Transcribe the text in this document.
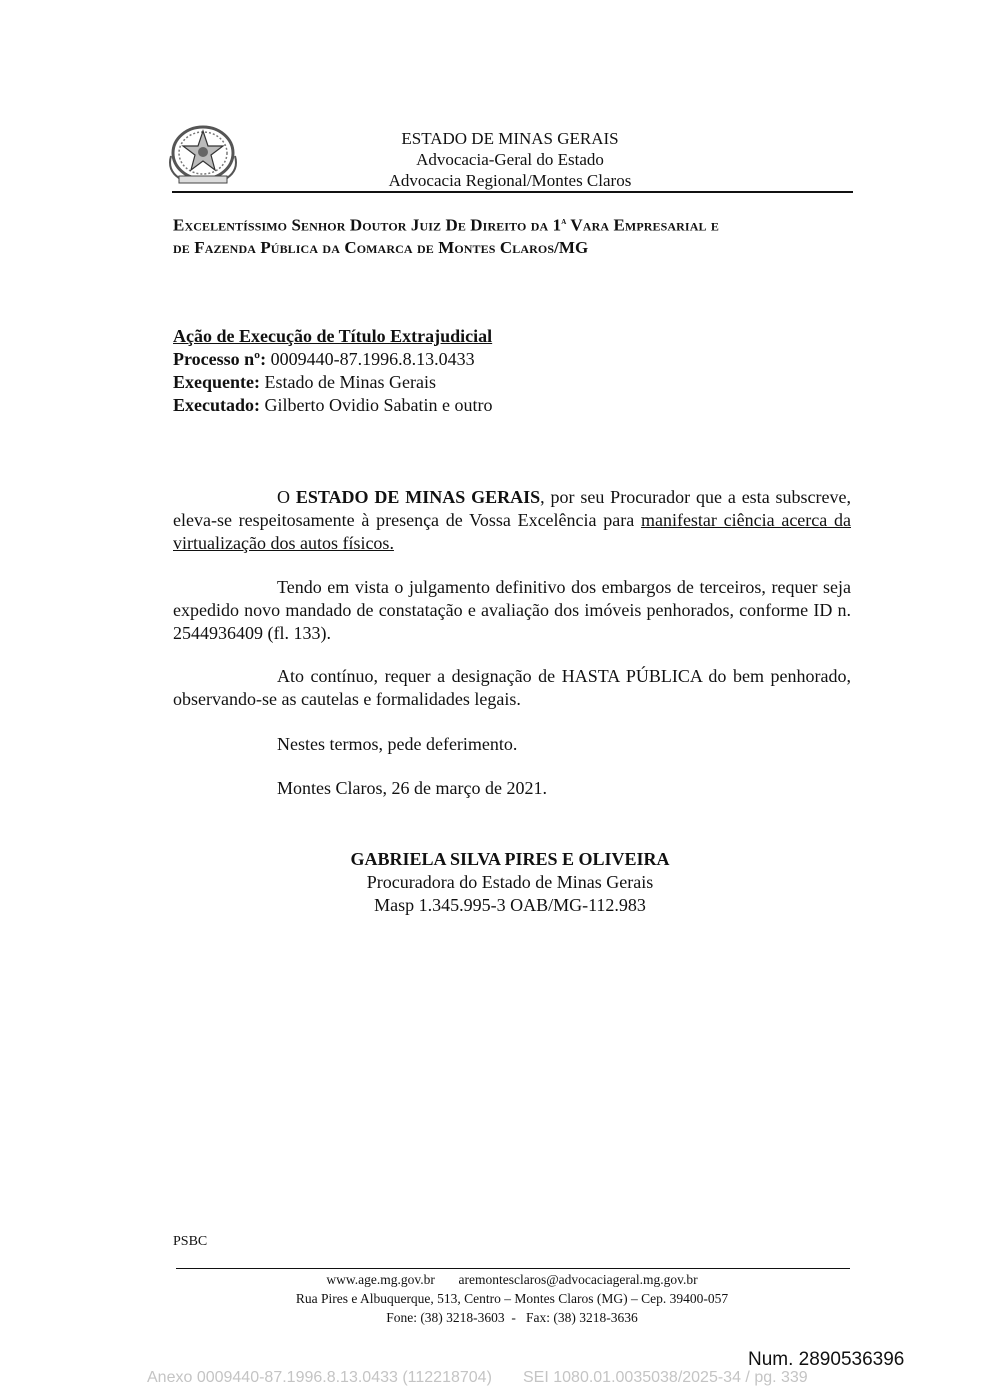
ESTADO DE MINAS GERAIS
Advocacia-Geral do Estado
Advocacia Regional/Montes Claros
Excelentíssimo Senhor Doutor Juiz De Direito da 1$^a$ Vara Empresarial e
de Fazenda Pública da Comarca de Montes Claros/MG
Ação de Execução de Título Extrajudicial
Processo nº: 0009440-87.1996.8.13.0433
Exequente: Estado de Minas Gerais
Executado: Gilberto Ovidio Sabatin e outro
O ESTADO DE MINAS GERAIS, por seu Procurador que a esta subscreve, eleva-se respeitosamente à presença de Vossa Excelência para manifestar ciência acerca da virtualização dos autos físicos.
Tendo em vista o julgamento definitivo dos embargos de terceiros, requer seja expedido novo mandado de constatação e avaliação dos imóveis penhorados, conforme ID n. 2544936409 (fl. 133).
Ato contínuo, requer a designação de HASTA PÚBLICA do bem penhorado, observando-se as cautelas e formalidades legais.
Nestes termos, pede deferimento.
Montes Claros, 26 de março de 2021.
GABRIELA SILVA PIRES E OLIVEIRA
Procuradora do Estado de Minas Gerais
Masp 1.345.995-3 OAB/MG-112.983
PSBC
www.age.mg.gov.br aremontesclaros@advocaciageral.mg.gov.br
Rua Pires e Albuquerque, 513, Centro – Montes Claros (MG) – Cep. 39400-057
Fone: (38) 3218-3603  -   Fax: (38) 3218-3636
Num. 2890536396
Anexo 0009440-87.1996.8.13.0433 (112218704)       SEI 1080.01.0035038/2025-34 / pg. 339
